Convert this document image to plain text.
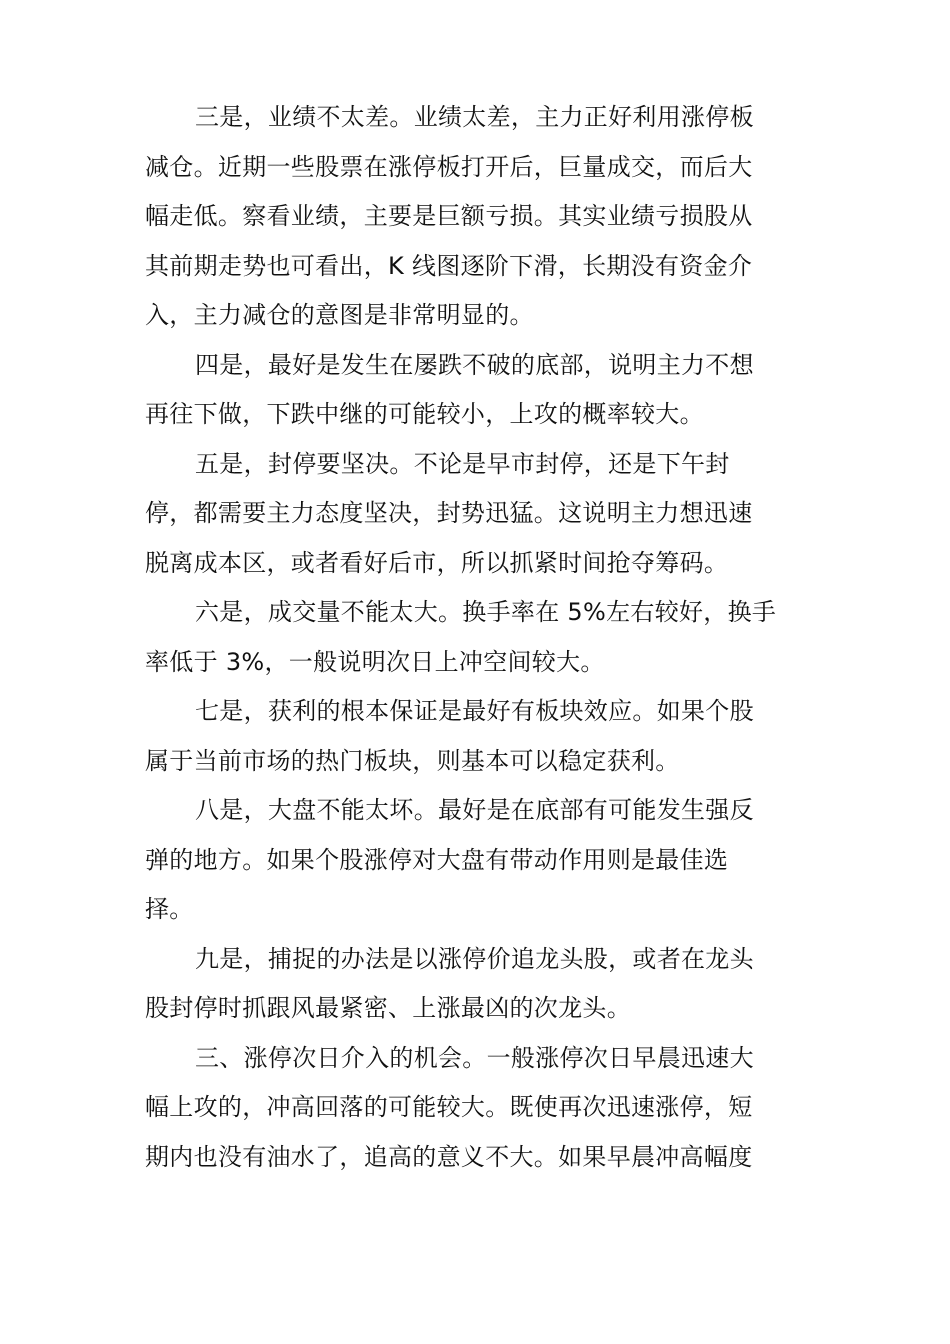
三是，业绩不太差。业绩太差，主力正好利用涨停板
减仓。近期一些股票在涨停板打开后，巨量成交，而后大
幅走低。察看业绩，主要是巨额亏损。其实业绩亏损股从
其前期走势也可看出，K 线图逐阶下滑，长期没有资金介
入，主力减仓的意图是非常明显的。
四是，最好是发生在屡跌不破的底部，说明主力不想
再往下做，下跌中继的可能较小，上攻的概率较大。
五是，封停要坚决。不论是早市封停，还是下午封
停，都需要主力态度坚决，封势迅猛。这说明主力想迅速
脱离成本区，或者看好后市，所以抓紧时间抢夺筹码。
六是，成交量不能太大。换手率在 5%左右较好，换手
率低于 3%，一般说明次日上冲空间较大。
七是，获利的根本保证是最好有板块效应。如果个股
属于当前市场的热门板块，则基本可以稳定获利。
八是，大盘不能太坏。最好是在底部有可能发生强反
弹的地方。如果个股涨停对大盘有带动作用则是最佳选
择。
九是，捕捉的办法是以涨停价追龙头股，或者在龙头
股封停时抓跟风最紧密、上涨最凶的次龙头。
三、涨停次日介入的机会。一般涨停次日早晨迅速大
幅上攻的，冲高回落的可能较大。既使再次迅速涨停，短
期内也没有油水了，追高的意义不大。如果早晨冲高幅度
